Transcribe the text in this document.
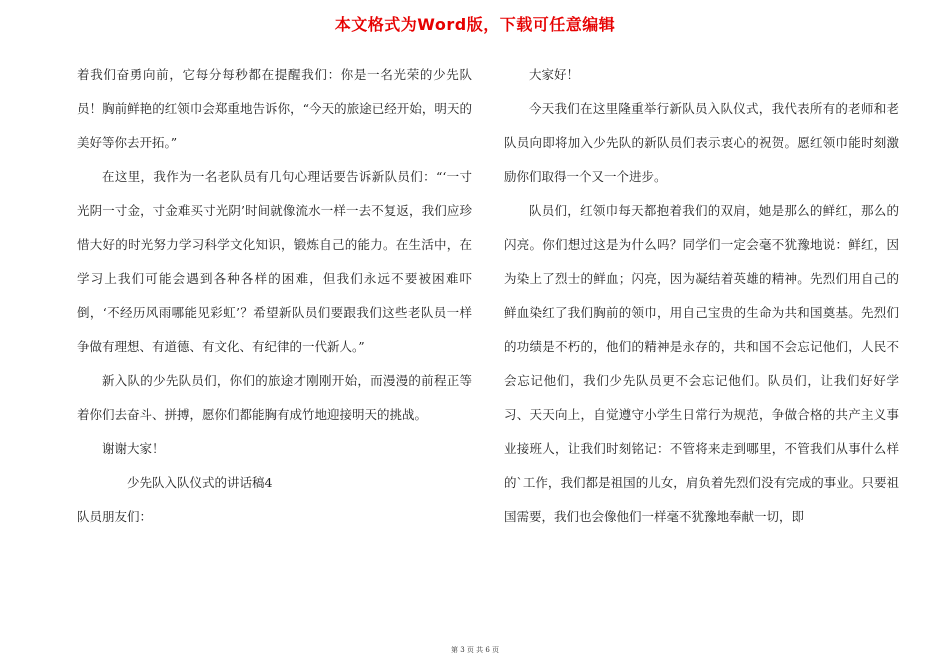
本文格式为Word版，下载可任意编辑

着我们奋勇向前，它每分每秒都在提醒我们：你是一名光荣的少先队员！胸前鲜艳的红领巾会郑重地告诉你，“今天的旅途已经开始，明天的美好等你去开拓。”

在这里，我作为一名老队员有几句心理话要告诉新队员们：“‘一寸光阴一寸金，寸金难买寸光阴’时间就像流水一样一去不复返，我们应珍惜大好的时光努力学习科学文化知识，锻炼自己的能力。在生活中，在学习上我们可能会遇到各种各样的困难，但我们永远不要被困难吓倒，‘不经历风雨哪能见彩虹’？希望新队员们要跟我们这些老队员一样争做有理想、有道德、有文化、有纪律的一代新人。”

新入队的少先队员们，你们的旅途才刚刚开始，而漫漫的前程正等着你们去奋斗、拼搏，愿你们都能胸有成竹地迎接明天的挑战。

谢谢大家！

少先队入队仪式的讲话稿4

队员朋友们：

大家好！

今天我们在这里隆重举行新队员入队仪式，我代表所有的老师和老队员向即将加入少先队的新队员们表示衷心的祝贺。愿红领巾能时刻激励你们取得一个又一个进步。

队员们，红领巾每天都抱着我们的双肩，她是那么的鲜红，那么的闪亮。你们想过这是为什么吗？同学们一定会毫不犹豫地说：鲜红，因为染上了烈士的鲜血；闪亮，因为凝结着英雄的精神。先烈们用自己的鲜血染红了我们胸前的领巾，用自己宝贵的生命为共和国奠基。先烈们的功绩是不朽的，他们的精神是永存的，共和国不会忘记他们，人民不会忘记他们，我们少先队员更不会忘记他们。队员们，让我们好好学习、天天向上，自觉遵守小学生日常行为规范，争做合格的共产主义事业接班人，让我们时刻铭记：不管将来走到哪里，不管我们从事什么样的`工作，我们都是祖国的儿女，肩负着先烈们没有完成的事业。只要祖国需要，我们也会像他们一样毫不犹豫地奉献一切，即

第 3 页 共 6 页
